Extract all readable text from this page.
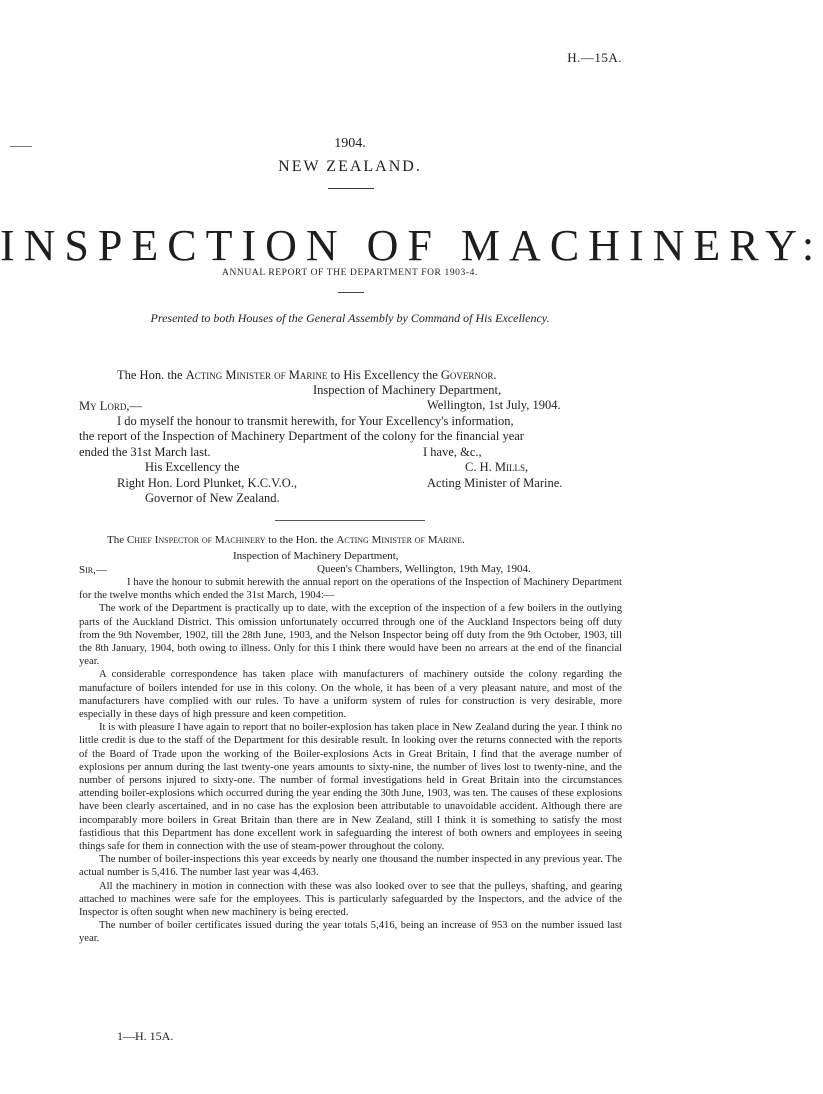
H.—15A.
1904.
NEW ZEALAND.
INSPECTION OF MACHINERY:
ANNUAL REPORT OF THE DEPARTMENT FOR 1903-4.
Presented to both Houses of the General Assembly by Command of His Excellency.
The Hon. the Acting Minister of Marine to His Excellency the Governor.
Inspection of Machinery Department,
My Lord,—	Wellington, 1st July, 1904.
I do myself the honour to transmit herewith, for Your Excellency's information,
the report of the Inspection of Machinery Department of the colony for the financial year
ended the 31st March last.	I have, &c.,
His Excellency the	C. H. Mills,
Right Hon. Lord Plunket, K.C.V.O.,	Acting Minister of Marine.
Governor of New Zealand.
The Chief Inspector of Machinery to the Hon. the Acting Minister of Marine.
Inspection of Machinery Department,
Sir,—	Queen's Chambers, Wellington, 19th May, 1904.

I have the honour to submit herewith the annual report on the operations of the Inspection of Machinery Department for the twelve months which ended the 31st March, 1904:—

The work of the Department is practically up to date, with the exception of the inspection of a few boilers in the outlying parts of the Auckland District. This omission unfortunately occurred through one of the Auckland Inspectors being off duty from the 9th November, 1902, till the 28th June, 1903, and the Nelson Inspector being off duty from the 9th October, 1903, till the 8th January, 1904, both owing to illness. Only for this I think there would have been no arrears at the end of the financial year.

A considerable correspondence has taken place with manufacturers of machinery outside the colony regarding the manufacture of boilers intended for use in this colony. On the whole, it has been of a very pleasant nature, and most of the manufacturers have complied with our rules. To have a uniform system of rules for construction is very desirable, more especially in these days of high pressure and keen competition.

It is with pleasure I have again to report that no boiler-explosion has taken place in New Zealand during the year. I think no little credit is due to the staff of the Department for this desirable result. In looking over the returns connected with the reports of the Board of Trade upon the working of the Boiler-explosions Acts in Great Britain, I find that the average number of explosions per annum during the last twenty-one years amounts to sixty-nine, the number of lives lost to twenty-nine, and the number of persons injured to sixty-one. The number of formal investigations held in Great Britain into the circumstances attending boiler-explosions which occurred during the year ending the 30th June, 1903, was ten. The causes of these explosions have been clearly ascertained, and in no case has the explosion been attributable to unavoidable accident. Although there are incomparably more boilers in Great Britain than there are in New Zealand, still I think it is something to satisfy the most fastidious that this Department has done excellent work in safeguarding the interest of both owners and employees in seeing things safe for them in connection with the use of steam-power throughout the colony.

The number of boiler-inspections this year exceeds by nearly one thousand the number inspected in any previous year. The actual number is 5,416. The number last year was 4,463.

All the machinery in motion in connection with these was also looked over to see that the pulleys, shafting, and gearing attached to machines were safe for the employees. This is particularly safeguarded by the Inspectors, and the advice of the Inspector is often sought when new machinery is being erected.

The number of boiler certificates issued during the year totals 5,416, being an increase of 953 on the number issued last year.

1—H. 15A.
